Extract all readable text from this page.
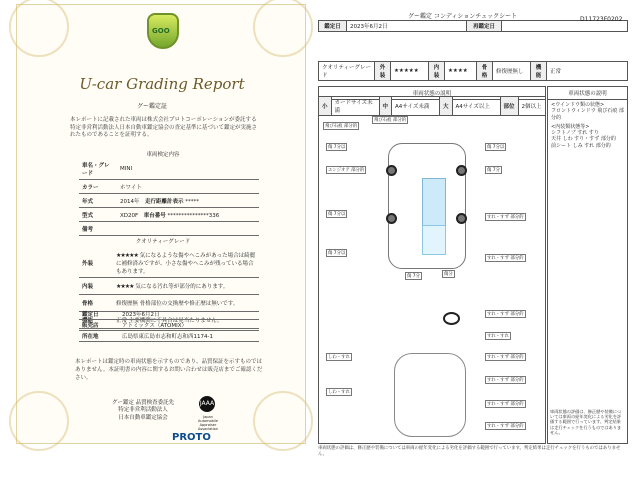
GOO
U-car Grading Report
グー鑑定証
本レポートに記載された車両は株式会社プロトコーポレーションが委託する特定非営利活動法人日本自動車鑑定協会の査定基準に基づいて鑑定が実施されたものであることを証明する。
車両検定内容
車名・グレード	MINI
カラー	ホワイト
年式	2014年　 走行距離計表示 *****
型式	XD20F　 車台番号 ***************336
備考	
クオリティーグレード
外装	★★★★★ 気になるような傷やへこみがあった場合は綺麗に補修済みですが、小さな傷やへこみが残っている場合もあります。
内装	★★★★ 気になる汚れ等が部分的にあります。
骨格	修復歴無 骨格部位の交換歴や修正歴は無いです。
機能	正常 主要機関に不具合は見当たりません。
鑑定日	2023年6月2日
販売店	アトミックス（ATOMIX）
所在地	広島県東広島市志和町志和西1174-1
本レポートは鑑定時の車両状態を示すものであり、品質保証を示すものではありません。本証明書の内容に関するお問い合わせは販売店までご確認ください。
グー鑑定 品質検査委託先
特定非営利活動法人
日本自動車鑑定協会
JAAA
Japan Automobile Appraiser Association
PROTO
グー鑑定 コンディションチェックシート	D11723F0202
鑑定日	2023年6月2日	再鑑定日	
クオリティーグレード	外装	★★★★★	内装	★★★★	骨格	修復歴無し	機能	正常
車両状態の説明
小	カードサイズ未満	中	A4サイズ未満	大	A4サイズ以上	部位	2個以上
車両状態の説明
<ウインドウ類の状態>
フロントウィンドウ 飛び石痕 部分的
<内装類状態等>
シフトノブ すれ すり
天井 しわ すり・すず 部分的
前シート しみ すれ 部分的
車両状態の評価は、修正歴や装備については車両の経年変化による劣化を評価する範囲で行っています。判定結果は走行チェックを行うものではありません。
飛び石痕 部分的
飛び石痕 部分的
傷 7分以	傷 7分以
エンジオア 部分的	傷 7分
傷 7分以
すれ・すず 部分的
傷 7分以
すれ・すず 部分的
傷 7分	傷分
すれ・すず 部分的
すれ・すれ
すれ・すず 部分的
しわ・すれ
すれ・すず 部分的
しわ・すれ
すれ・すず 部分的
すれ・すず 部分的
車両状態の評価は、修正歴や装備については車両の経年変化による劣化を評価する範囲で行っています。判定結果は走行チェックを行うものではありません。
